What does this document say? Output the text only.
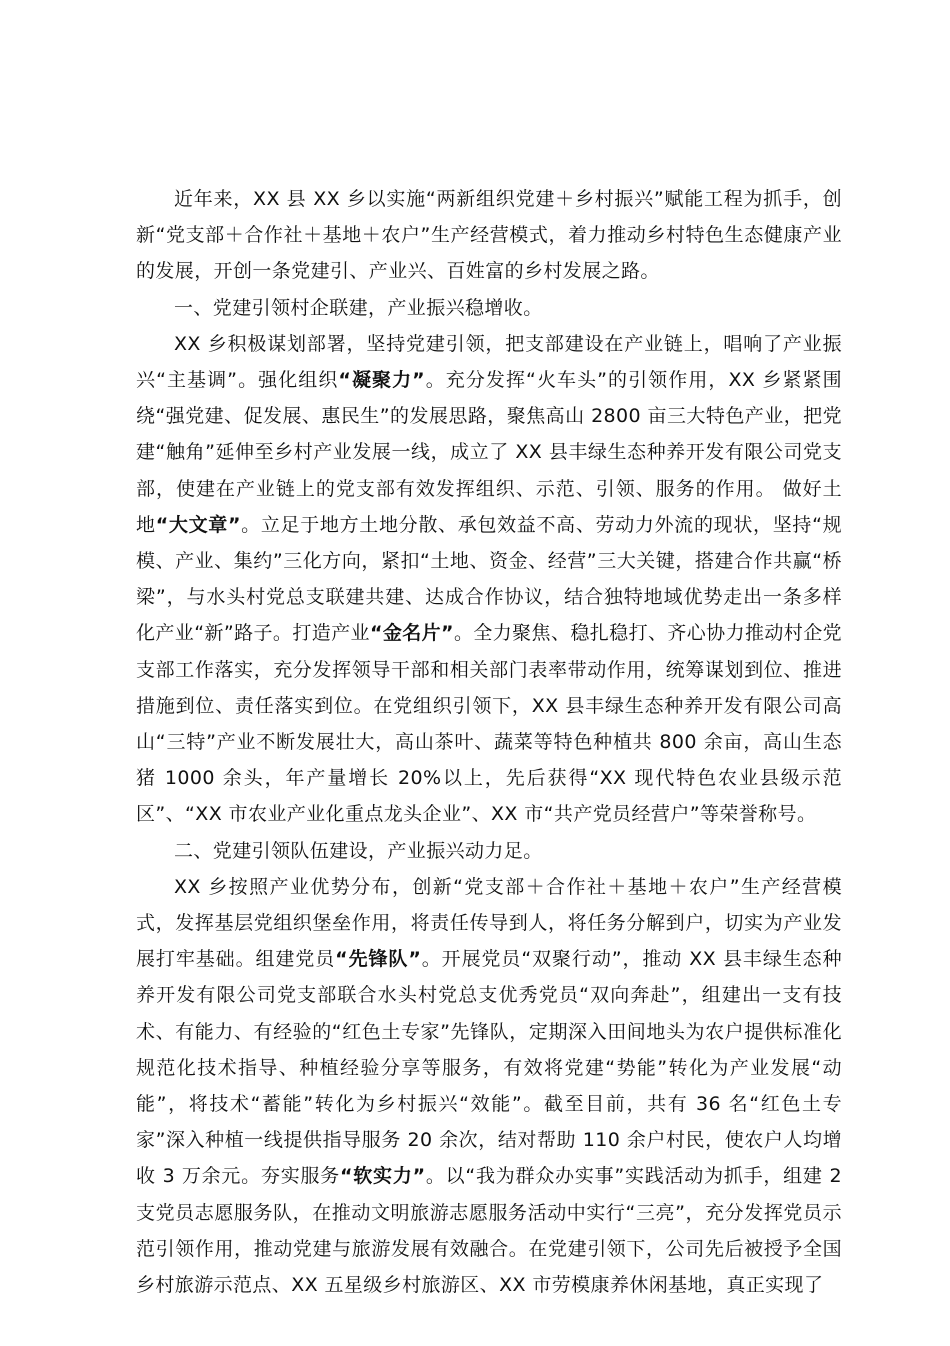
近年来，XX 县 XX 乡以实施“两新组织党建＋乡村振兴”赋能工程为抓手，创新“党支部＋合作社＋基地＋农户”生产经营模式，着力推动乡村特色生态健康产业的发展，开创一条党建引、产业兴、百姓富的乡村发展之路。

一、党建引领村企联建，产业振兴稳增收。

XX 乡积极谋划部署，坚持党建引领，把支部建设在产业链上，唱响了产业振兴“主基调”。强化组织“凝聚力”。充分发挥“火车头”的引领作用，XX 乡紧紧围绕“强党建、促发展、惠民生”的发展思路，聚焦高山 2800 亩三大特色产业，把党建“触角”延伸至乡村产业发展一线，成立了 XX 县丰绿生态种养开发有限公司党支部，使建在产业链上的党支部有效发挥组织、示范、引领、服务的作用。 做好土地“大文章”。立足于地方土地分散、承包效益不高、劳动力外流的现状，坚持“规模、产业、集约”三化方向，紧扣“土地、资金、经营”三大关键，搭建合作共赢“桥梁”，与水头村党总支联建共建、达成合作协议，结合独特地域优势走出一条多样化产业“新”路子。打造产业“金名片”。全力聚焦、稳扎稳打、齐心协力推动村企党支部工作落实，充分发挥领导干部和相关部门表率带动作用，统筹谋划到位、推进措施到位、责任落实到位。在党组织引领下，XX 县丰绿生态种养开发有限公司高山“三特”产业不断发展壮大，高山茶叶、蔬菜等特色种植共 800 余亩，高山生态猪 1000 余头，年产量增长 20%以上，先后获得“XX 现代特色农业县级示范区”、“XX 市农业产业化重点龙头企业”、XX 市“共产党员经营户”等荣誉称号。

二、党建引领队伍建设，产业振兴动力足。

XX 乡按照产业优势分布，创新“党支部＋合作社＋基地＋农户”生产经营模式，发挥基层党组织堡垒作用，将责任传导到人，将任务分解到户，切实为产业发展打牢基础。组建党员“先锋队”。开展党员“双聚行动”，推动 XX 县丰绿生态种养开发有限公司党支部联合水头村党总支优秀党员“双向奔赴”，组建出一支有技术、有能力、有经验的“红色土专家”先锋队，定期深入田间地头为农户提供标准化规范化技术指导、种植经验分享等服务，有效将党建“势能”转化为产业发展“动能”，将技术“蓄能”转化为乡村振兴“效能”。截至目前，共有 36 名“红色土专家”深入种植一线提供指导服务 20 余次，结对帮助 110 余户村民，使农户人均增收 3 万余元。夯实服务“软实力”。以“我为群众办实事”实践活动为抓手，组建 2 支党员志愿服务队，在推动文明旅游志愿服务活动中实行“三亮”，充分发挥党员示范引领作用，推动党建与旅游发展有效融合。在党建引领下，公司先后被授予全国乡村旅游示范点、XX 五星级乡村旅游区、XX 市劳模康养休闲基地，真正实现了
